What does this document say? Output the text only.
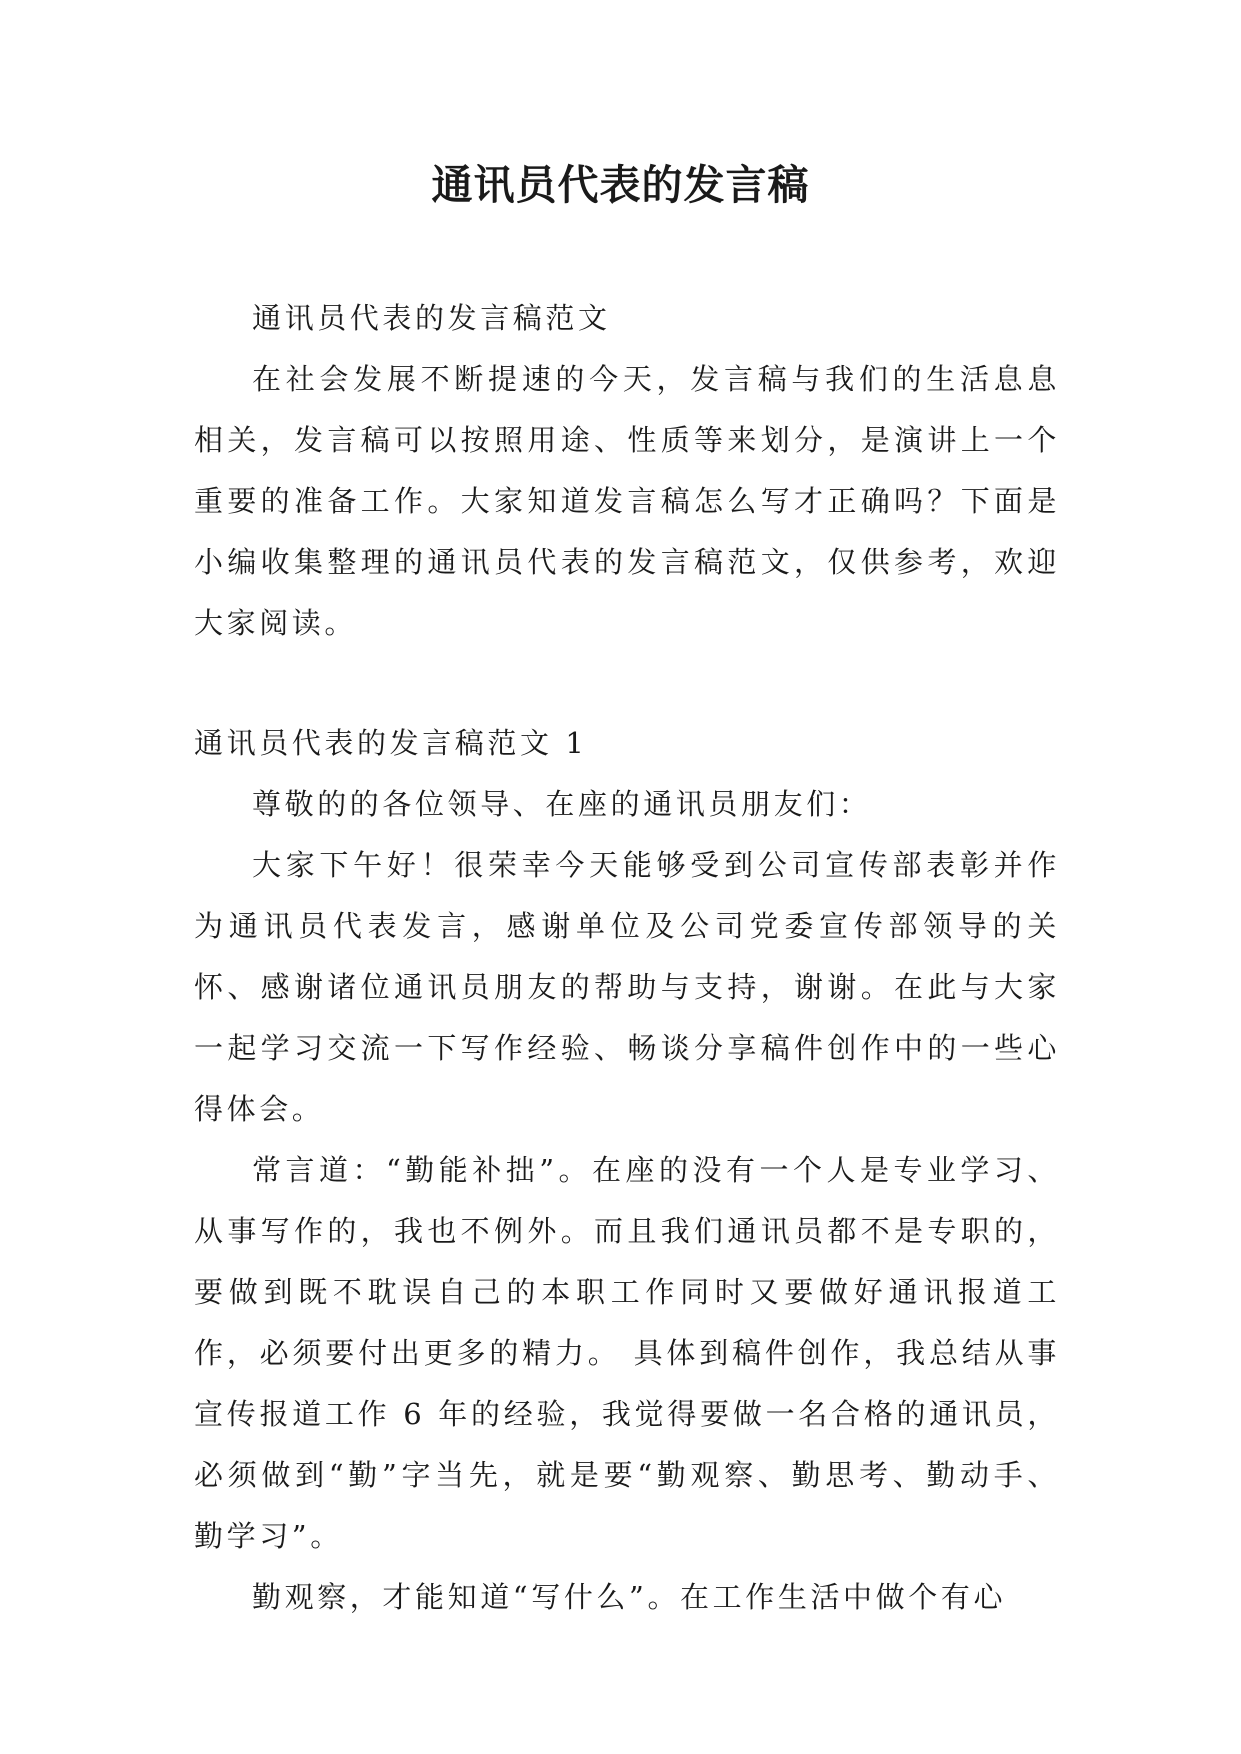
通讯员代表的发言稿

通讯员代表的发言稿范文

在社会发展不断提速的今天，发言稿与我们的生活息息相关，发言稿可以按照用途、性质等来划分，是演讲上一个重要的准备工作。大家知道发言稿怎么写才正确吗？下面是小编收集整理的通讯员代表的发言稿范文，仅供参考，欢迎大家阅读。

通讯员代表的发言稿范文 1

尊敬的的各位领导、在座的通讯员朋友们：

大家下午好！很荣幸今天能够受到公司宣传部表彰并作为通讯员代表发言，感谢单位及公司党委宣传部领导的关怀、感谢诸位通讯员朋友的帮助与支持，谢谢。在此与大家一起学习交流一下写作经验、畅谈分享稿件创作中的一些心得体会。

常言道：“勤能补拙”。在座的没有一个人是专业学习、从事写作的，我也不例外。而且我们通讯员都不是专职的，要做到既不耽误自己的本职工作同时又要做好通讯报道工作，必须要付出更多的精力。 具体到稿件创作，我总结从事宣传报道工作 6 年的经验，我觉得要做一名合格的通讯员，必须做到“勤”字当先，就是要“勤观察、勤思考、勤动手、勤学习”。

勤观察，才能知道“写什么”。在工作生活中做个有心
